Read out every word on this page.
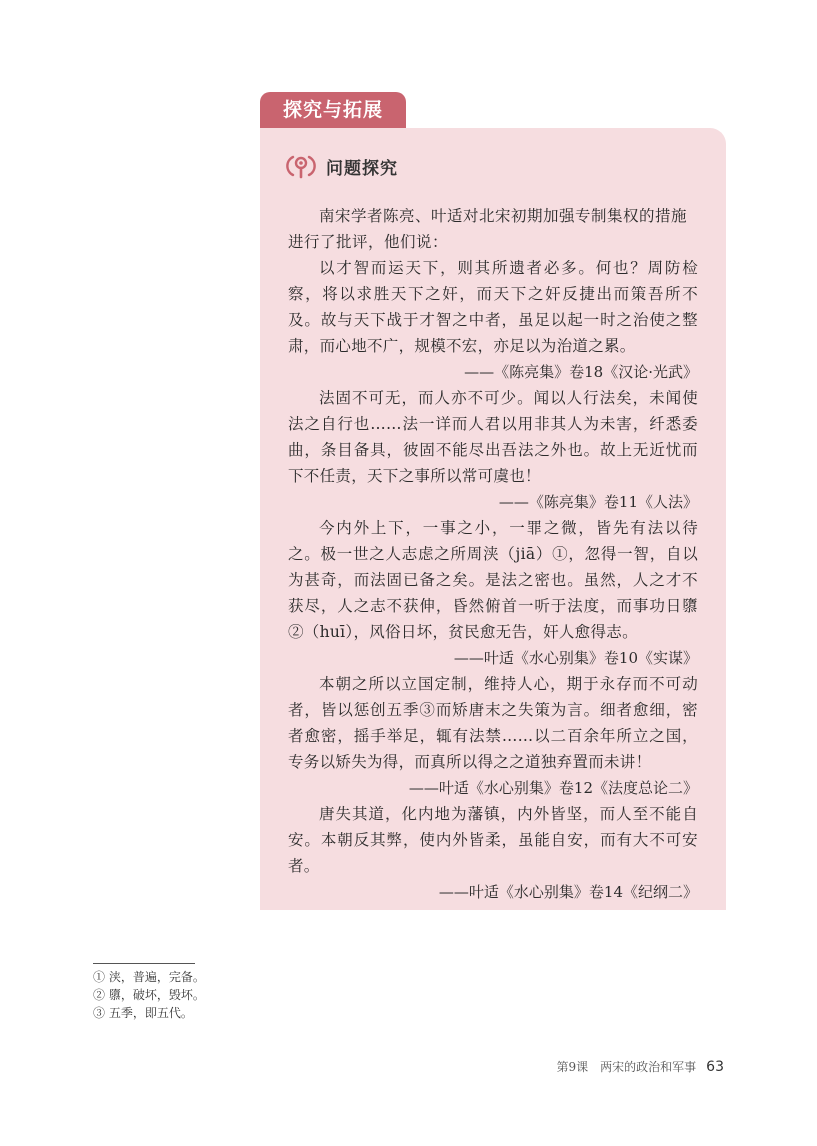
探究与拓展
问题探究

南宋学者陈亮、叶适对北宋初期加强专制集权的措施进行了批评，他们说：

以才智而运天下，则其所遗者必多。何也？周防检察，将以求胜天下之奸，而天下之奸反捷出而策吾所不及。故与天下战于才智之中者，虽足以起一时之治使之整肃，而心地不广，规模不宏，亦足以为治道之累。

——《陈亮集》卷18《汉论·光武》

法固不可无，而人亦不可少。闻以人行法矣，未闻使法之自行也……法一详而人君以用非其人为未害，纤悉委曲，条目备具，彼固不能尽出吾法之外也。故上无近忧而下不任责，天下之事所以常可虞也！

——《陈亮集》卷11《人法》

今内外上下，一事之小，一罪之微，皆先有法以待之。极一世之人志虑之所周浃（jiā）①，忽得一智，自以为甚奇，而法固已备之矣。是法之密也。虽然，人之才不获尽，人之志不获伸，昏然俯首一听于法度，而事功日隳②（huī），风俗日坏，贫民愈无告，奸人愈得志。

——叶适《水心别集》卷10《实谋》

本朝之所以立国定制，维持人心，期于永存而不可动者，皆以惩创五季③而矫唐末之失策为言。细者愈细，密者愈密，摇手举足，辄有法禁……以二百余年所立之国，专务以矫失为得，而真所以得之之道独弃置而未讲！

——叶适《水心别集》卷12《法度总论二》

唐失其道，化内地为藩镇，内外皆坚，而人至不能自安。本朝反其弊，使内外皆柔，虽能自安，而有大不可安者。

——叶适《水心别集》卷14《纪纲二》

① 浃，普遍，完备。
② 隳，破坏，毁坏。
③ 五季，即五代。
第9课　两宋的政治和军事 63
